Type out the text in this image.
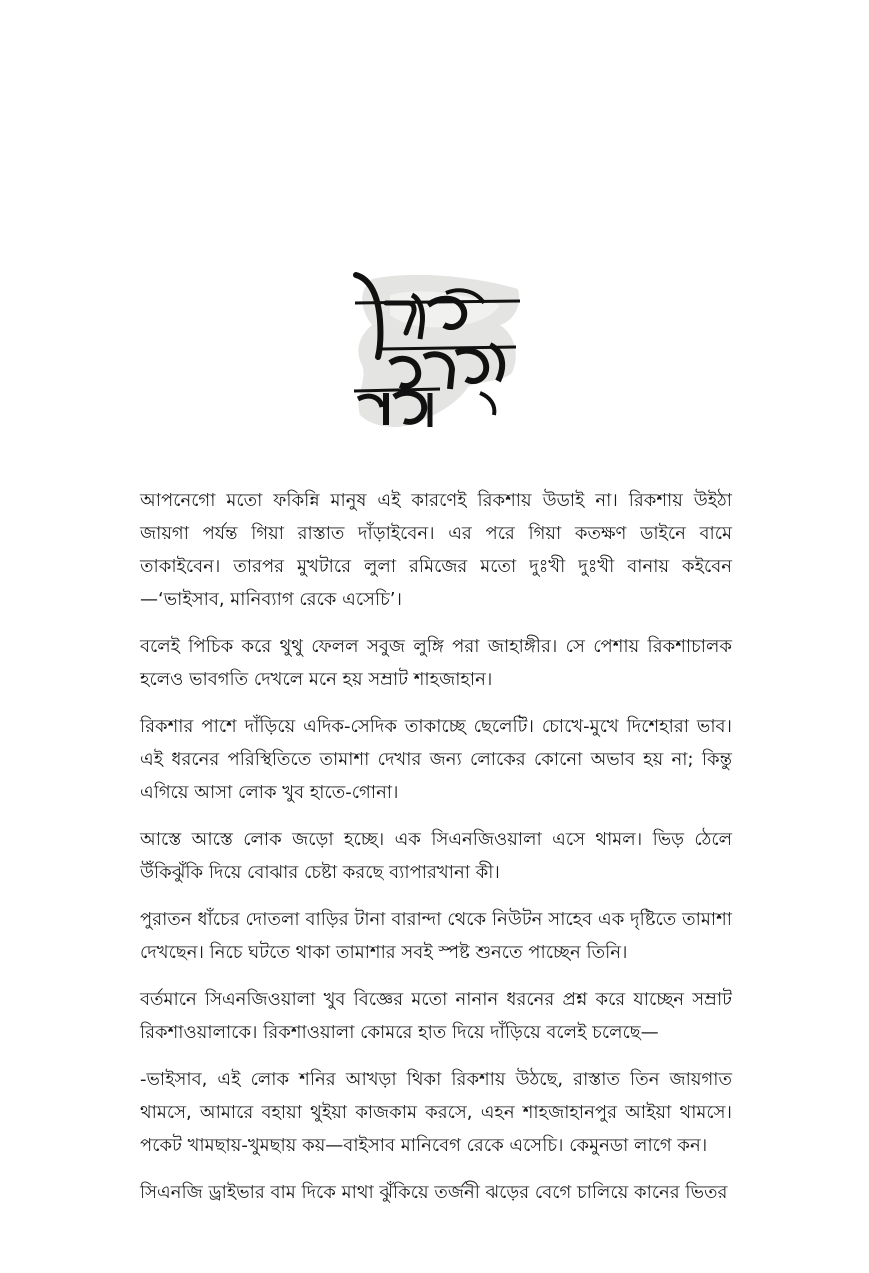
আপনেগো মতো ফকিন্নি মানুষ এই কারণেই রিকশায় উডাই না। রিকশায় উইঠা জায়গা পর্যন্ত গিয়া রাস্তাত দাঁড়াইবেন। এর পরে গিয়া কতক্ষণ ডাইনে বামে তাকাইবেন। তারপর মুখটারে লুলা রমিজের মতো দুঃখী দুঃখী বানায় কইবেন—‘ভাইসাব, মানিব্যাগ রেকে এসেচি’।

বলেই পিচিক করে থুথু ফেলল সবুজ লুঙ্গি পরা জাহাঙ্গীর। সে পেশায় রিকশাচালক হলেও ভাবগতি দেখলে মনে হয় সম্রাট শাহজাহান।

রিকশার পাশে দাঁড়িয়ে এদিক-সেদিক তাকাচ্ছে ছেলেটি। চোখে-মুখে দিশেহারা ভাব। এই ধরনের পরিস্থিতিতে তামাশা দেখার জন্য লোকের কোনো অভাব হয় না; কিন্তু এগিয়ে আসা লোক খুব হাতে-গোনা।

আস্তে আস্তে লোক জড়ো হচ্ছে। এক সিএনজিওয়ালা এসে থামল। ভিড় ঠেলে উঁকিঝুঁকি দিয়ে বোঝার চেষ্টা করছে ব্যাপারখানা কী।

পুরাতন ধাঁচের দোতলা বাড়ির টানা বারান্দা থেকে নিউটন সাহেব এক দৃষ্টিতে তামাশা দেখছেন। নিচে ঘটতে থাকা তামাশার সবই স্পষ্ট শুনতে পাচ্ছেন তিনি।

বর্তমানে সিএনজিওয়ালা খুব বিজ্ঞের মতো নানান ধরনের প্রশ্ন করে যাচ্ছেন সম্রাট রিকশাওয়ালাকে। রিকশাওয়ালা কোমরে হাত দিয়ে দাঁড়িয়ে বলেই চলেছে—

-ভাইসাব, এই লোক শনির আখড়া থিকা রিকশায় উঠছে, রাস্তাত তিন জায়গাত থামসে, আমারে বহায়া থুইয়া কাজকাম করসে, এহন শাহজাহানপুর আইয়া থামসে। পকেট খামছায়-খুমছায় কয়—বাইসাব মানিবেগ রেকে এসেচি। কেমুনডা লাগে কন।

সিএনজি ড্রাইভার বাম দিকে মাথা ঝুঁকিয়ে তর্জনী ঝড়ের বেগে চালিয়ে কানের ভিতর
